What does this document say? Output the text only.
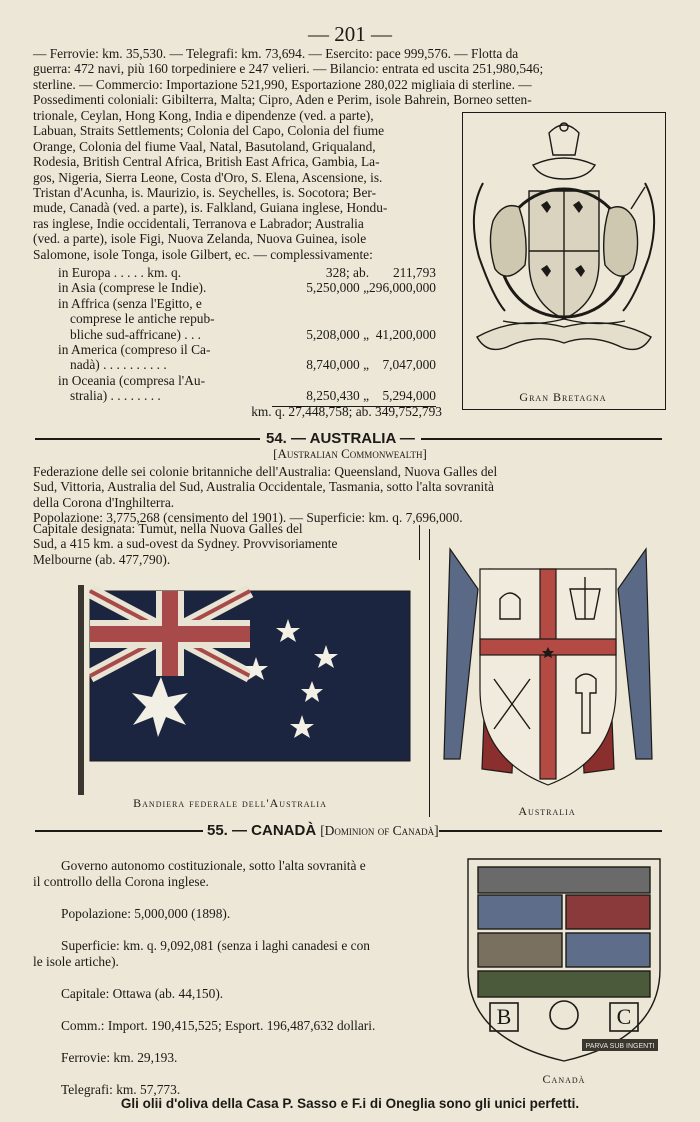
— 201 —
— Ferrovie: km. 35,530. — Telegrafi: km. 73,694. — Esercito: pace 999,576. — Flotta da
guerra: 472 navi, più 160 torpediniere e 247 velieri. — Bilancio: entrata ed uscita 251,980,546;
sterline. — Commercio: Importazione 521,990, Esportazione 280,022 migliaia di sterline. —
Possedimenti coloniali: Gibilterra, Malta; Cipro, Aden e Perim, isole Bahrein, Borneo setten-
trionale, Ceylan, Hong Kong, India e dipendenze (ved. a parte),
Labuan, Straits Settlements; Colonia del Capo, Colonia del fiume
Orange, Colonia del fiume Vaal, Natal, Basutoland, Griqualand,
Rodesia, British Central Africa, British East Africa, Gambia, La-
gos, Nigeria, Sierra Leone, Costa d'Oro, S. Elena, Ascensione, is.
Tristan d'Acunha, is. Maurizio, is. Seychelles, is. Socotora; Ber-
mude, Canadà (ved. a parte), is. Falkland, Guiana inglese, Hondu-
ras inglese, Indie occidentali, Terranova e Labrador; Australia
(ved. a parte), isole Figi, Nuova Zelanda, Nuova Guinea, isole
Salomone, isole Tonga, isole Gilbert, ec. — complessivamente:
in Europa . . . . . km. q.	328; ab.	211,793
in Asia (comprese le Indie).	5,250,000 „	296,000,000
in Affrica (senza l'Egitto, e		
comprese le antiche repub-		
bliche sud-affricane) . . .	5,208,000 „	41,200,000
in America (compreso il Ca-		
nadà) . . . . . . . . . .	8,740,000 „	7,047,000
in Oceania (compresa l'Au-		
stralia) . . . . . . . .	8,250,430 „	5,294,000
km. q. 27,448,758; ab. 349,752,793
Gran Bretagna
54. — AUSTRALIA —
[Australian Commonwealth]
Federazione delle sei colonie britanniche dell'Australia: Queensland, Nuova Galles del
Sud, Vittoria, Australia del Sud, Australia Occidentale, Tasmania, sotto l'alta sovranità
della Corona d'Inghilterra.
Popolazione: 3,775,268 (censimento del 1901). — Superficie: km. q. 7,696,000.
Capitale designata: Tumut, nella Nuova Galles del
Sud, a 415 km. a sud-ovest da Sydney. Provvisoriamente
Melbourne (ab. 477,790).
Bandiera federale dell'Australia
Australia
55. — CANADÀ [Dominion of Canadà]
Governo autonomo costituzionale, sotto l'alta sovranità e
il controllo della Corona inglese.
Popolazione: 5,000,000 (1898).
Superficie: km. q. 9,092,081 (senza i laghi canadesi e con
le isole artiche).
Capitale: Ottawa (ab. 44,150).
Comm.: Import. 190,415,525; Esport. 196,487,632 dollari.
Ferrovie: km. 29,193.
Telegrafi: km. 57,773.
B	C
PARVA SUB INGENTI
Canadà
Gli olii d'oliva della Casa P. Sasso e F.i di Oneglia sono gli unici perfetti.
